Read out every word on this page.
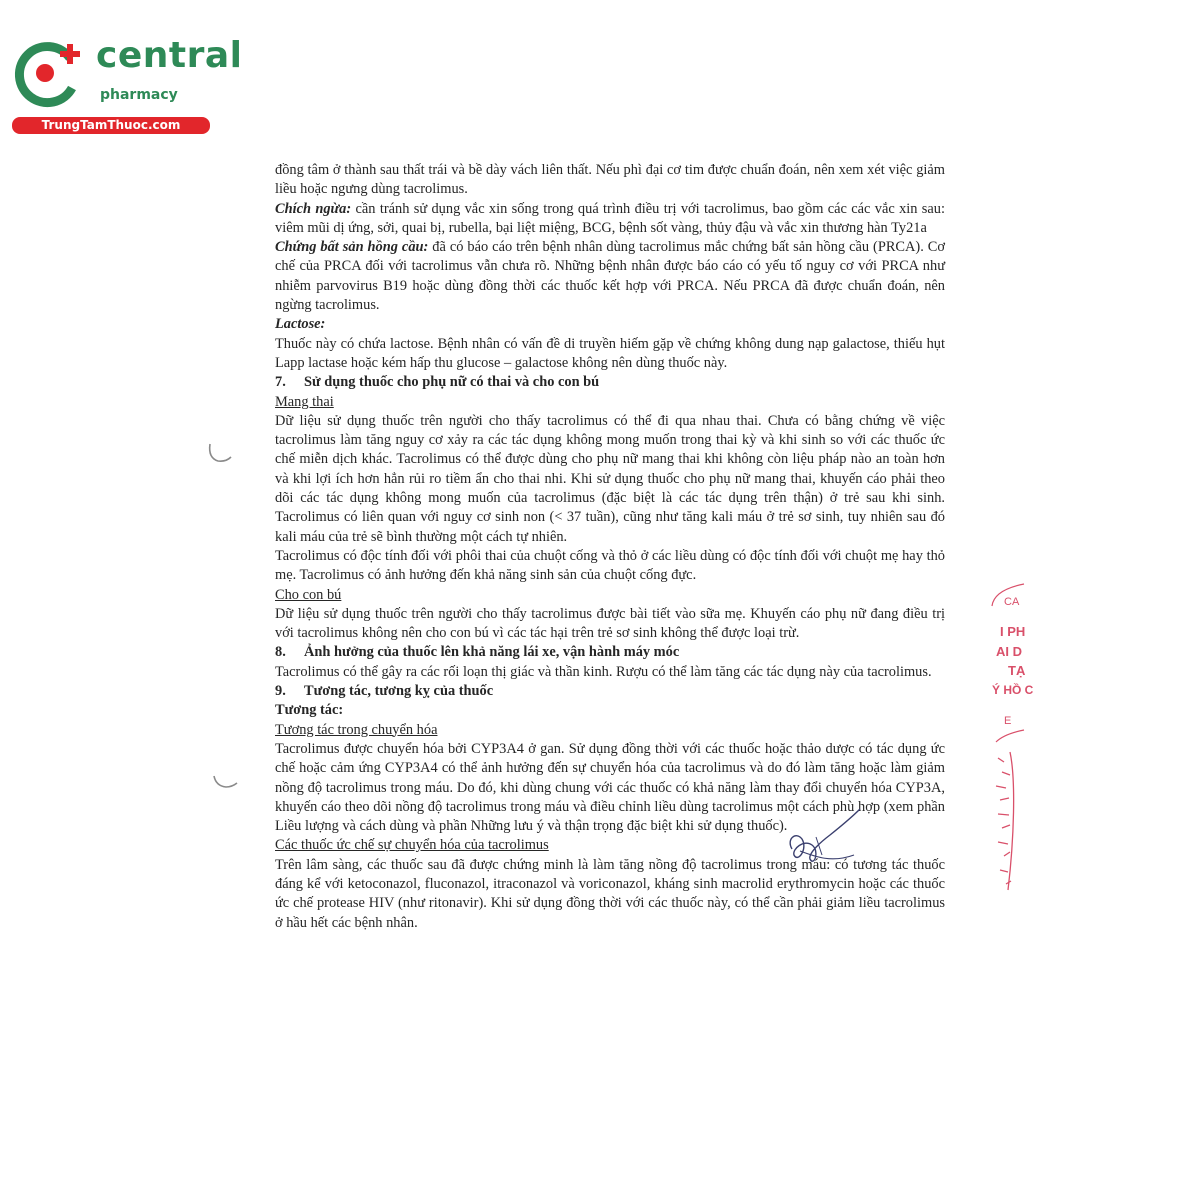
central
pharmacy
TrungTamThuoc.com

đồng tâm ở thành sau thất trái và bề dày vách liên thất. Nếu phì đại cơ tim được chuẩn đoán, nên xem xét việc giảm liều hoặc ngưng dùng tacrolimus.

Chích ngừa: cần tránh sử dụng vắc xin sống trong quá trình điều trị với tacrolimus, bao gồm các các vắc xin sau: viêm mũi dị ứng, sởi, quai bị, rubella, bại liệt miệng, BCG, bệnh sốt vàng, thủy đậu và vắc xin thương hàn Ty21a

Chứng bất sản hồng cầu: đã có báo cáo trên bệnh nhân dùng tacrolimus mắc chứng bất sản hồng cầu (PRCA). Cơ chế của PRCA đối với tacrolimus vẫn chưa rõ. Những bệnh nhân được báo cáo có yếu tố nguy cơ với PRCA như nhiễm parvovirus B19 hoặc dùng đồng thời các thuốc kết hợp với PRCA. Nếu PRCA đã được chuẩn đoán, nên ngừng tacrolimus.

Lactose:

Thuốc này có chứa lactose. Bệnh nhân có vấn đề di truyền hiếm gặp về chứng không dung nạp galactose, thiếu hụt Lapp lactase hoặc kém hấp thu glucose – galactose không nên dùng thuốc này.

7. Sử dụng thuốc cho phụ nữ có thai và cho con bú

Mang thai

Dữ liệu sử dụng thuốc trên người cho thấy tacrolimus có thể đi qua nhau thai. Chưa có bằng chứng về việc tacrolimus làm tăng nguy cơ xảy ra các tác dụng không mong muốn trong thai kỳ và khi sinh so với các thuốc ức chế miễn dịch khác. Tacrolimus có thể được dùng cho phụ nữ mang thai khi không còn liệu pháp nào an toàn hơn và khi lợi ích hơn hẳn rủi ro tiềm ẩn cho thai nhi. Khi sử dụng thuốc cho phụ nữ mang thai, khuyến cáo phải theo dõi các tác dụng không mong muốn của tacrolimus (đặc biệt là các tác dụng trên thận) ở trẻ sau khi sinh. Tacrolimus có liên quan với nguy cơ sinh non (< 37 tuần), cũng như tăng kali máu ở trẻ sơ sinh, tuy nhiên sau đó kali máu của trẻ sẽ bình thường một cách tự nhiên.

Tacrolimus có độc tính đối với phôi thai của chuột cống và thỏ ở các liều dùng có độc tính đối với chuột mẹ hay thỏ mẹ. Tacrolimus có ảnh hưởng đến khả năng sinh sản của chuột cống đực.

Cho con bú

Dữ liệu sử dụng thuốc trên người cho thấy tacrolimus được bài tiết vào sữa mẹ. Khuyến cáo phụ nữ đang điều trị với tacrolimus không nên cho con bú vì các tác hại trên trẻ sơ sinh không thể được loại trừ.

8. Ảnh hưởng của thuốc lên khả năng lái xe, vận hành máy móc

Tacrolimus có thể gây ra các rối loạn thị giác và thần kinh. Rượu có thể làm tăng các tác dụng này của tacrolimus.

9. Tương tác, tương kỵ của thuốc

Tương tác:

Tương tác trong chuyển hóa

Tacrolimus được chuyển hóa bởi CYP3A4 ở gan. Sử dụng đồng thời với các thuốc hoặc thảo dược có tác dụng ức chế hoặc cảm ứng CYP3A4 có thể ảnh hưởng đến sự chuyển hóa của tacrolimus và do đó làm tăng hoặc làm giảm nồng độ tacrolimus trong máu. Do đó, khi dùng chung với các thuốc có khả năng làm thay đổi chuyển hóa CYP3A, khuyến cáo theo dõi nồng độ tacrolimus trong máu và điều chỉnh liều dùng tacrolimus một cách phù hợp (xem phần Liều lượng và cách dùng và phần Những lưu ý và thận trọng đặc biệt khi sử dụng thuốc).

Các thuốc ức chế sự chuyển hóa của tacrolimus

Trên lâm sàng, các thuốc sau đã được chứng minh là làm tăng nồng độ tacrolimus trong máu: có tương tác thuốc đáng kể với ketoconazol, fluconazol, itraconazol và voriconazol, kháng sinh macrolid erythromycin hoặc các thuốc ức chế protease HIV (như ritonavir). Khi sử dụng đồng thời với các thuốc này, có thể cần phải giảm liều tacrolimus ở hầu hết các bệnh nhân.

CA
I PH
AI D
TẠ
Ý HỒ C
E
